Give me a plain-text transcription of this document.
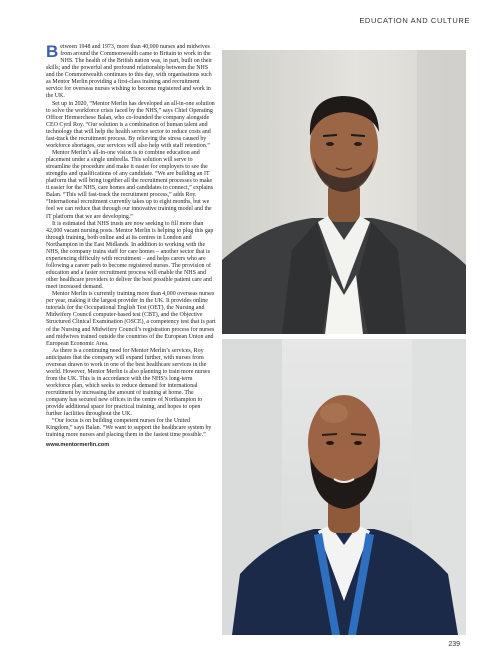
EDUCATION AND CULTURE

Between 1948 and 1973, more than 40,000 nurses and midwives from around the Commonwealth came to Britain to work in the NHS. The health of the British nation was, in part, built on their skills; and the powerful and profound relationship between the NHS and the Commonwealth continues to this day, with organisations such as Mentor Merlin providing a first-class training and recruitment service for overseas nurses wishing to become registered and work in the UK.

Set up in 2020, “Mentor Merlin has developed an all-in-one solution to solve the workforce crisis faced by the NHS,” says Chief Operating Officer Hermerchese Balan, who co-founded the company alongside CEO Cyril Roy. “Our solution is a combination of human talent and technology that will help the health service sector to reduce costs and fast-track the recruitment process. By relieving the stress caused by workforce shortages, our services will also help with staff retention.”

Mentor Merlin’s all-in-one vision is to combine education and placement under a single umbrella. This solution will serve to streamline the procedure and make it easier for employers to see the strengths and qualifications of any candidate. “We are building an IT platform that will bring together all the recruitment processes to make it easier for the NHS, care homes and candidates to connect,” explains Balan. “This will fast-track the recruitment process,” adds Roy. “International recruitment currently takes up to eight months, but we feel we can reduce that through our innovative training model and the IT platform that we are developing.”

It is estimated that NHS trusts are now seeking to fill more than 42,000 vacant nursing posts. Mentor Merlin is helping to plug this gap through training, both online and at its centres in London and Northampton in the East Midlands. In addition to working with the NHS, the company trains staff for care homes – another sector that is experiencing difficulty with recruitment – and helps carers who are following a career path to become registered nurses. The provision of education and a faster recruitment process will enable the NHS and other healthcare providers to deliver the best possible patient care and meet increased demand.

Mentor Merlin is currently training more than 4,000 overseas nurses per year, making it the largest provider in the UK. It provides online tutorials for the Occupational English Test (OET), the Nursing and Midwifery Council computer-based test (CBT), and the Objective Structured Clinical Examination (OSCE), a competency test that is part of the Nursing and Midwifery Council’s registration process for nurses and midwives trained outside the countries of the European Union and European Economic Area.

As there is a continuing need for Mentor Merlin’s services, Roy anticipates that the company will expand further, with nurses from overseas drawn to work in one of the best healthcare services in the world. However, Mentor Merlin is also planning to train more nurses from the UK. This is in accordance with the NHS’s long-term workforce plan, which seeks to reduce demand for international recruitment by increasing the amount of training at home. The company has secured new offices in the centre of Northampton to provide additional space for practical training, and hopes to open further facilities throughout the UK.

“Our focus is on building competent nurses for the United Kingdom,” says Balan. “We want to support the healthcare system by training more nurses and placing them in the fastest time possible.”

www.mentormerlin.com
239
